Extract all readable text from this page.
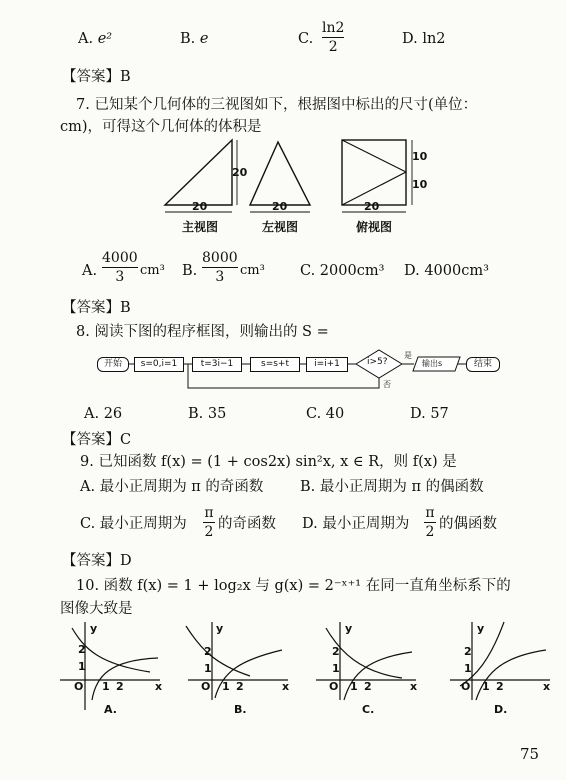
A. e²	B. e	C.
ln2
2	D. ln2
【答案】B
7. 已知某个几何体的三视图如下，根据图中标出的尺寸(单位：
cm)，可得这个几何体的体积是
20
20	20	20
10
10
主视图	左视图	俯视图
A.
4000
3 cm³ B.
8000
3 cm³ C. 2000cm³ D. 4000cm³
【答案】B
8. 阅读下图的程序框图，则输出的 S =
开始	s=0,i=1	t=3i−1	s=s+t	i=i+1	i>5?
是
否
输出s	结束
A. 26	B. 35	C. 40	D. 57
【答案】C
9. 已知函数 f(x) = (1 + cos2x) sin²x, x ∈ R，则 f(x) 是
A. 最小正周期为 π 的奇函数	B. 最小正周期为 π 的偶函数
C. 最小正周期为
π
2 的奇函数 D. 最小正周期为
π
2 的偶函数
【答案】D
10. 函数 f(x) = 1 + log₂x 与 g(x) = 2⁻ˣ⁺¹ 在同一直角坐标系下的
图像大致是
y
O
2
1
1 2	x
A.
y
O
2
1
1 2	x
B.
y
O
2
1
1 2	x
C.
y
O
2
1
1 2	x
D.
75
